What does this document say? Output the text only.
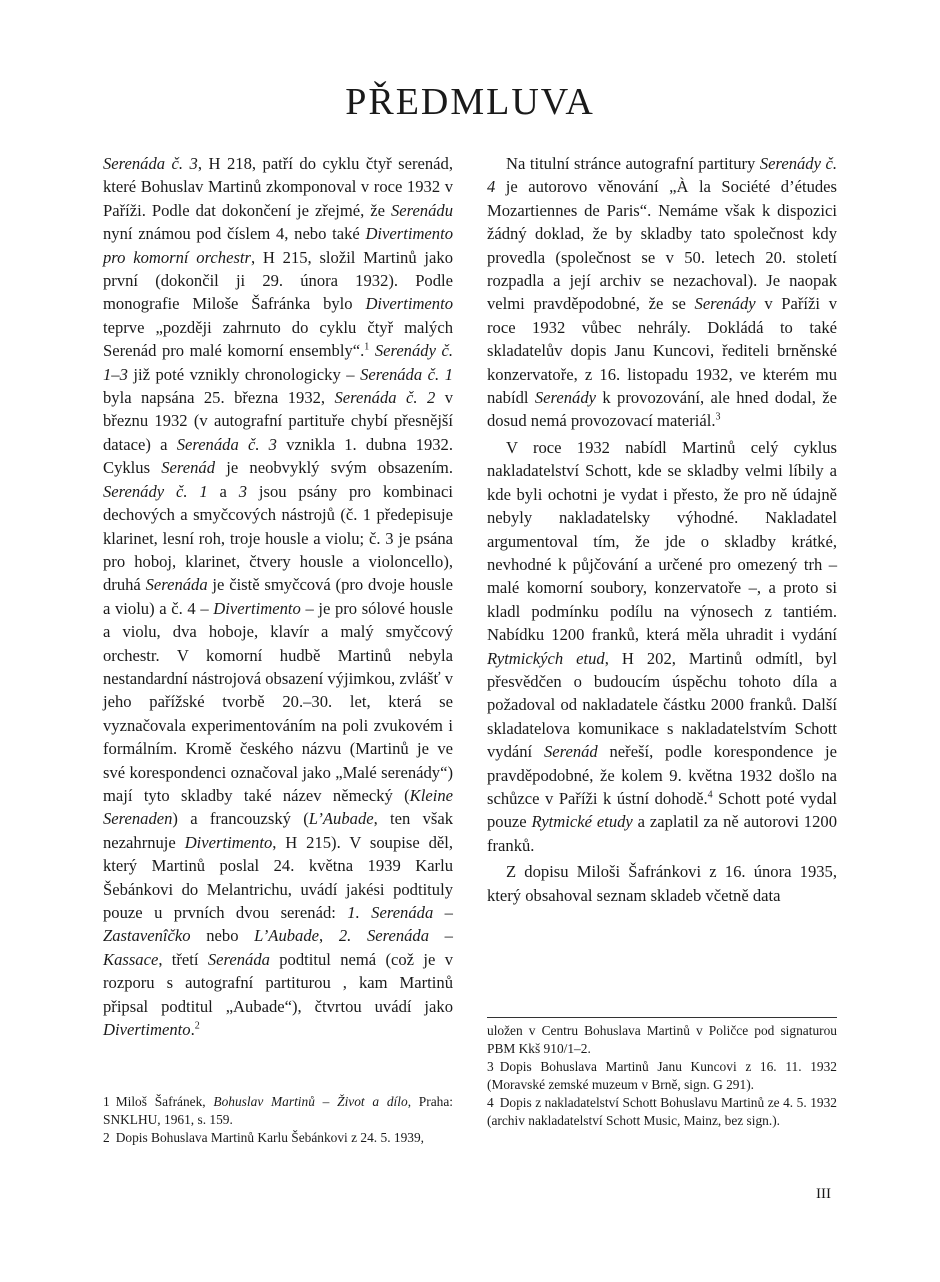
PŘEDMLUVA

Serenáda č. 3, H 218, patří do cyklu čtyř serenád, které Bohuslav Martinů zkomponoval v roce 1932 v Paříži. Podle dat dokončení je zřejmé, že Serenádu nyní známou pod číslem 4, nebo také Divertimento pro komorní orchestr, H 215, složil Martinů jako první (dokončil ji 29. února 1932). Podle monografie Miloše Šafránka bylo Divertimento teprve „později zahrnuto do cyklu čtyř malých Serenád pro malé komorní ensembly“.$^1$ Serenády č. 1–3 již poté vznikly chronologicky – Serenáda č. 1 byla napsána 25. března 1932, Serenáda č. 2 v březnu 1932 (v autografní partituře chybí přesnější datace) a Serenáda č. 3 vznikla 1. dubna 1932. Cyklus Serenád je neobvyklý svým obsazením. Serenády č. 1 a 3 jsou psány pro kombinaci dechových a smyčcových nástrojů (č. 1 předepisuje klarinet, lesní roh, troje housle a violu; č. 3 je psána pro hoboj, klarinet, čtvery housle a violoncello), druhá Serenáda je čistě smyčcová (pro dvoje housle a violu) a č. 4 – Divertimento – je pro sólové housle a violu, dva hoboje, klavír a malý smyčcový orchestr. V komorní hudbě Martinů nebyla nestandardní nástrojová obsazení výjimkou, zvlášť v jeho pařížské tvorbě 20.–30. let, která se vyznačovala experimentováním na poli zvukovém i formálním. Kromě českého názvu (Martinů je ve své korespondenci označoval jako „Malé serenády“) mají tyto skladby také název německý (Kleine Serenaden) a francouzský (L’Aubade, ten však nezahrnuje Divertimento, H 215). V soupise děl, který Martinů poslal 24. května 1939 Karlu Šebánkovi do Melantrichu, uvádí jakési podtituly pouze u prvních dvou serenád: 1. Serenáda – Zastavenîčko nebo L’Aubade, 2. Serenáda – Kassace, třetí Serenáda podtitul nemá (což je v rozporu s autografní partiturou , kam Martinů připsal podtitul „Aubade“), čtvrtou uvádí jako Divertimento.$^2$

Na titulní stránce autografní partitury Serenády č. 4 je autorovo věnování „À la Société d’études Mozartiennes de Paris“. Nemáme však k dispozici žádný doklad, že by skladby tato společnost kdy provedla (společnost se v 50. letech 20. století rozpadla a její archiv se nezachoval). Je naopak velmi pravděpodobné, že se Serenády v Paříži v roce 1932 vůbec nehrály. Dokládá to také skladatelův dopis Janu Kuncovi, řediteli brněnské konzervatoře, z 16. listopadu 1932, ve kterém mu nabídl Serenády k provozování, ale hned dodal, že dosud nemá provozovací materiál.$^3$

V roce 1932 nabídl Martinů celý cyklus nakladatelství Schott, kde se skladby velmi líbily a kde byli ochotni je vydat i přesto, že pro ně údajně nebyly nakladatelsky výhodné. Nakladatel argumentoval tím, že jde o skladby krátké, nevhodné k půjčování a určené pro omezený trh – malé komorní soubory, konzervatoře –, a proto si kladl podmínku podílu na výnosech z tantiém. Nabídku 1200 franků, která měla uhradit i vydání Rytmických etud, H 202, Martinů odmítl, byl přesvědčen o budoucím úspěchu tohoto díla a požadoval od nakladatele částku 2000 franků. Další skladatelova komunikace s nakladatelstvím Schott vydání Serenád neřeší, podle korespondence je pravděpodobné, že kolem 9. května 1932 došlo na schůzce v Paříži k ústní dohodě.$^4$ Schott poté vydal pouze Rytmické etudy a zaplatil za ně autorovi 1200 franků.

Z dopisu Miloši Šafránkovi z 16. února 1935, který obsahoval seznam skladeb včetně data

1 Miloš Šafránek, Bohuslav Martinů – Život a dílo, Praha: SNKLHU, 1961, s. 159.

2 Dopis Bohuslava Martinů Karlu Šebánkovi z 24. 5. 1939,

uložen v Centru Bohuslava Martinů v Poličce pod signaturou PBM Kkš 910/1–2.

3 Dopis Bohuslava Martinů Janu Kuncovi z 16. 11. 1932 (Moravské zemské muzeum v Brně, sign. G 291).

4 Dopis z nakladatelství Schott Bohuslavu Martinů ze 4. 5. 1932 (archiv nakladatelství Schott Music, Mainz, bez sign.).

III
